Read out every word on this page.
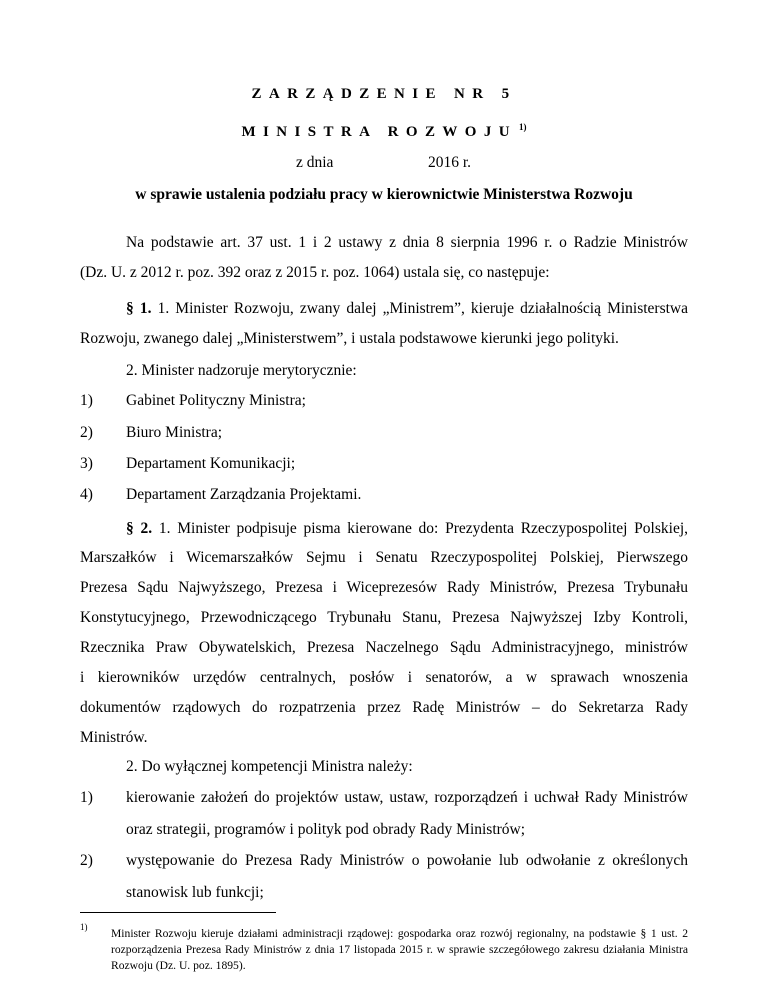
ZARZĄDZENIE NR 5
MINISTRA ROZWOJU $^{1)}$
z dnia	2016 r.
w sprawie ustalenia podziału pracy w kierownictwie Ministerstwa Rozwoju
Na podstawie art. 37 ust. 1 i 2 ustawy z dnia 8 sierpnia 1996 r. o Radzie Ministrów
(Dz. U. z 2012 r. poz. 392 oraz z 2015 r. poz. 1064) ustala się, co następuje:
§ 1. 1. Minister Rozwoju, zwany dalej „Ministrem”, kieruje działalnością Ministerstwa
Rozwoju, zwanego dalej „Ministerstwem”, i ustala podstawowe kierunki jego polityki.
2. Minister nadzoruje merytorycznie:
1) Gabinet Polityczny Ministra;
2) Biuro Ministra;
3) Departament Komunikacji;
4) Departament Zarządzania Projektami.
§ 2. 1. Minister podpisuje pisma kierowane do: Prezydenta Rzeczypospolitej Polskiej,
Marszałków i Wicemarszałków Sejmu i Senatu Rzeczypospolitej Polskiej, Pierwszego
Prezesa Sądu Najwyższego, Prezesa i Wiceprezesów Rady Ministrów, Prezesa Trybunału
Konstytucyjnego, Przewodniczącego Trybunału Stanu, Prezesa Najwyższej Izby Kontroli,
Rzecznika Praw Obywatelskich, Prezesa Naczelnego Sądu Administracyjnego, ministrów
i kierowników urzędów centralnych, posłów i senatorów, a w sprawach wnoszenia
dokumentów rządowych do rozpatrzenia przez Radę Ministrów – do Sekretarza Rady
Ministrów.
2. Do wyłącznej kompetencji Ministra należy:
1) kierowanie założeń do projektów ustaw, ustaw, rozporządzeń i uchwał Rady Ministrów
oraz strategii, programów i polityk pod obrady Rady Ministrów;
2) występowanie do Prezesa Rady Ministrów o powołanie lub odwołanie z określonych
stanowisk lub funkcji;
1) Minister Rozwoju kieruje działami administracji rządowej: gospodarka oraz rozwój regionalny, na podstawie § 1 ust. 2 rozporządzenia Prezesa Rady Ministrów z dnia 17 listopada 2015 r. w sprawie szczegółowego zakresu działania Ministra Rozwoju (Dz. U. poz. 1895).
